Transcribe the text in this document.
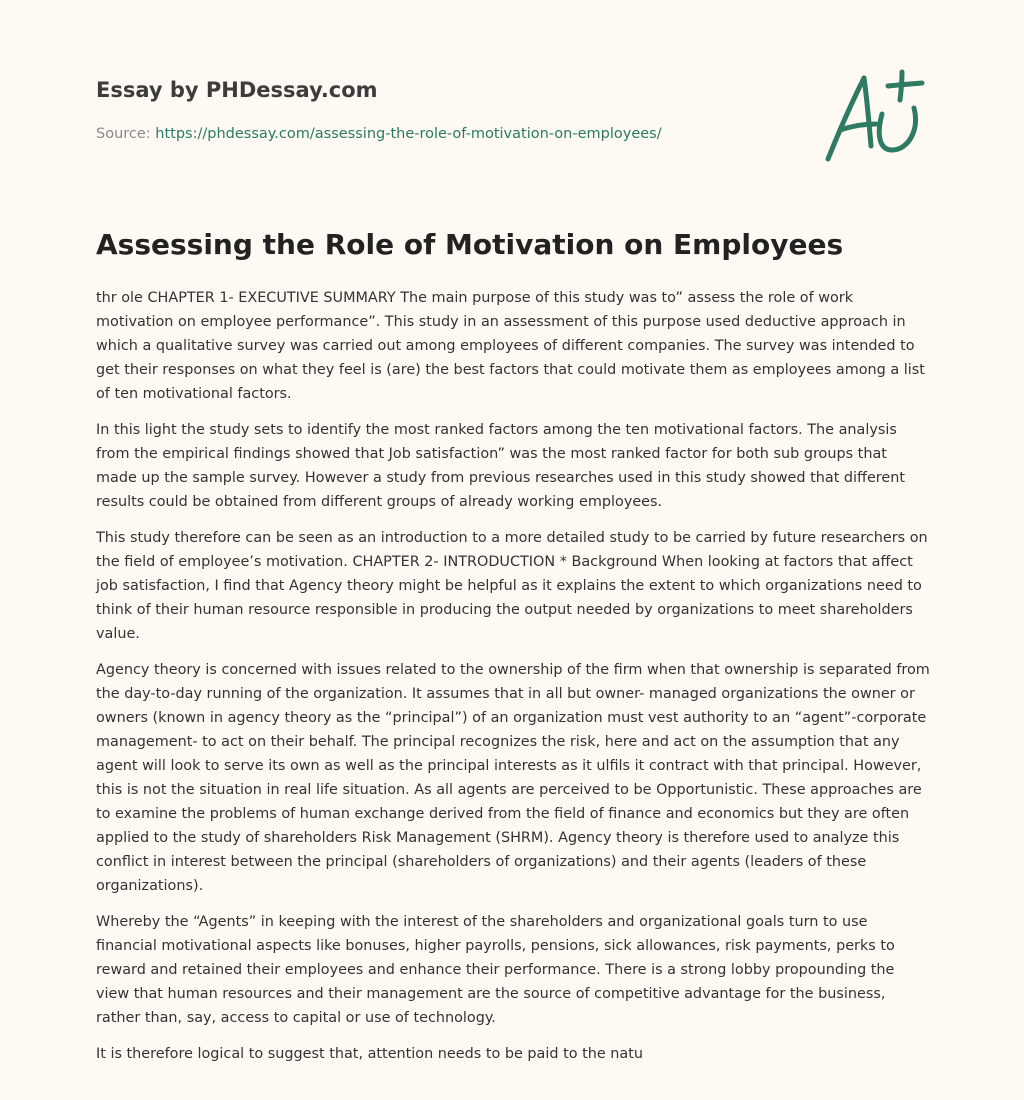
Essay by PHDessay.com
Source: https://phdessay.com/assessing-the-role-of-motivation-on-employees/
Assessing the Role of Motivation on Employees

thr ole CHAPTER 1- EXECUTIVE SUMMARY The main purpose of this study was to” assess the role of work motivation on employee performance”. This study in an assessment of this purpose used deductive approach in which a qualitative survey was carried out among employees of different companies. The survey was intended to get their responses on what they feel is (are) the best factors that could motivate them as employees among a list of ten motivational factors.

In this light the study sets to identify the most ranked factors among the ten motivational factors. The analysis from the empirical findings showed that Job satisfaction” was the most ranked factor for both sub groups that made up the sample survey. However a study from previous researches used in this study showed that different results could be obtained from different groups of already working employees.

This study therefore can be seen as an introduction to a more detailed study to be carried by future researchers on the field of employee’s motivation. CHAPTER 2- INTRODUCTION * Background When looking at factors that affect job satisfaction, I find that Agency theory might be helpful as it explains the extent to which organizations need to think of their human resource responsible in producing the output needed by organizations to meet shareholders value.

Agency theory is concerned with issues related to the ownership of the firm when that ownership is separated from the day-to-day running of the organization. It assumes that in all but owner- managed organizations the owner or owners (known in agency theory as the “principal”) of an organization must vest authority to an “agent”-corporate management- to act on their behalf. The principal recognizes the risk, here and act on the assumption that any agent will look to serve its own as well as the principal interests as it ulfils it contract with that principal. However, this is not the situation in real life situation. As all agents are perceived to be Opportunistic. These approaches are to examine the problems of human exchange derived from the field of finance and economics but they are often applied to the study of shareholders Risk Management (SHRM). Agency theory is therefore used to analyze this conflict in interest between the principal (shareholders of organizations) and their agents (leaders of these organizations).

Whereby the “Agents” in keeping with the interest of the shareholders and organizational goals turn to use financial motivational aspects like bonuses, higher payrolls, pensions, sick allowances, risk payments, perks to reward and retained their employees and enhance their performance. There is a strong lobby propounding the view that human resources and their management are the source of competitive advantage for the business, rather than, say, access to capital or use of technology.

It is therefore logical to suggest that, attention needs to be paid to the natu
